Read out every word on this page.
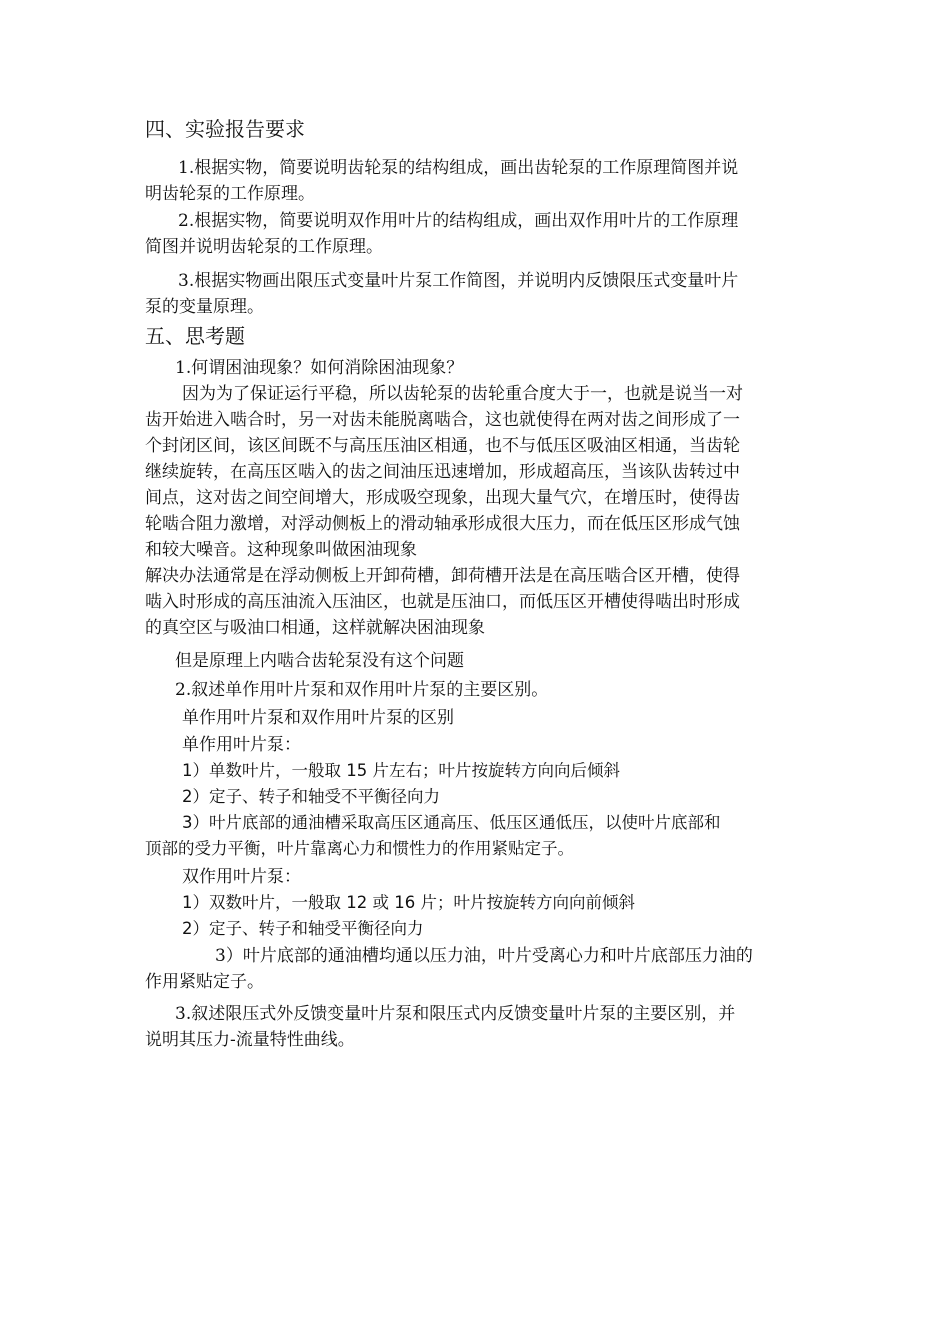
四、实验报告要求
1.根据实物，简要说明齿轮泵的结构组成，画出齿轮泵的工作原理简图并说
明齿轮泵的工作原理。
2.根据实物，简要说明双作用叶片的结构组成，画出双作用叶片的工作原理
简图并说明齿轮泵的工作原理。
3.根据实物画出限压式变量叶片泵工作简图，并说明内反馈限压式变量叶片
泵的变量原理。
五、思考题
1.何谓困油现象？如何消除困油现象？
因为为了保证运行平稳，所以齿轮泵的齿轮重合度大于一，也就是说当一对
齿开始进入啮合时，另一对齿未能脱离啮合，这也就使得在两对齿之间形成了一
个封闭区间，该区间既不与高压压油区相通，也不与低压区吸油区相通，当齿轮
继续旋转，在高压区啮入的齿之间油压迅速增加，形成超高压，当该队齿转过中
间点，这对齿之间空间增大，形成吸空现象，出现大量气穴，在增压时，使得齿
轮啮合阻力激增，对浮动侧板上的滑动轴承形成很大压力，而在低压区形成气蚀
和较大噪音。这种现象叫做困油现象
解决办法通常是在浮动侧板上开卸荷槽，卸荷槽开法是在高压啮合区开槽，使得
啮入时形成的高压油流入压油区，也就是压油口，而低压区开槽使得啮出时形成
的真空区与吸油口相通，这样就解决困油现象
但是原理上内啮合齿轮泵没有这个问题
2.叙述单作用叶片泵和双作用叶片泵的主要区别。
单作用叶片泵和双作用叶片泵的区别
单作用叶片泵：
1）单数叶片，一般取 15 片左右；叶片按旋转方向向后倾斜
2）定子、转子和轴受不平衡径向力
3）叶片底部的通油槽采取高压区通高压、低压区通低压，以使叶片底部和
顶部的受力平衡，叶片靠离心力和惯性力的作用紧贴定子。
双作用叶片泵：
1）双数叶片，一般取 12 或 16 片；叶片按旋转方向向前倾斜
2）定子、转子和轴受平衡径向力
3）叶片底部的通油槽均通以压力油，叶片受离心力和叶片底部压力油的
作用紧贴定子。
3.叙述限压式外反馈变量叶片泵和限压式内反馈变量叶片泵的主要区别，并
说明其压力-流量特性曲线。
